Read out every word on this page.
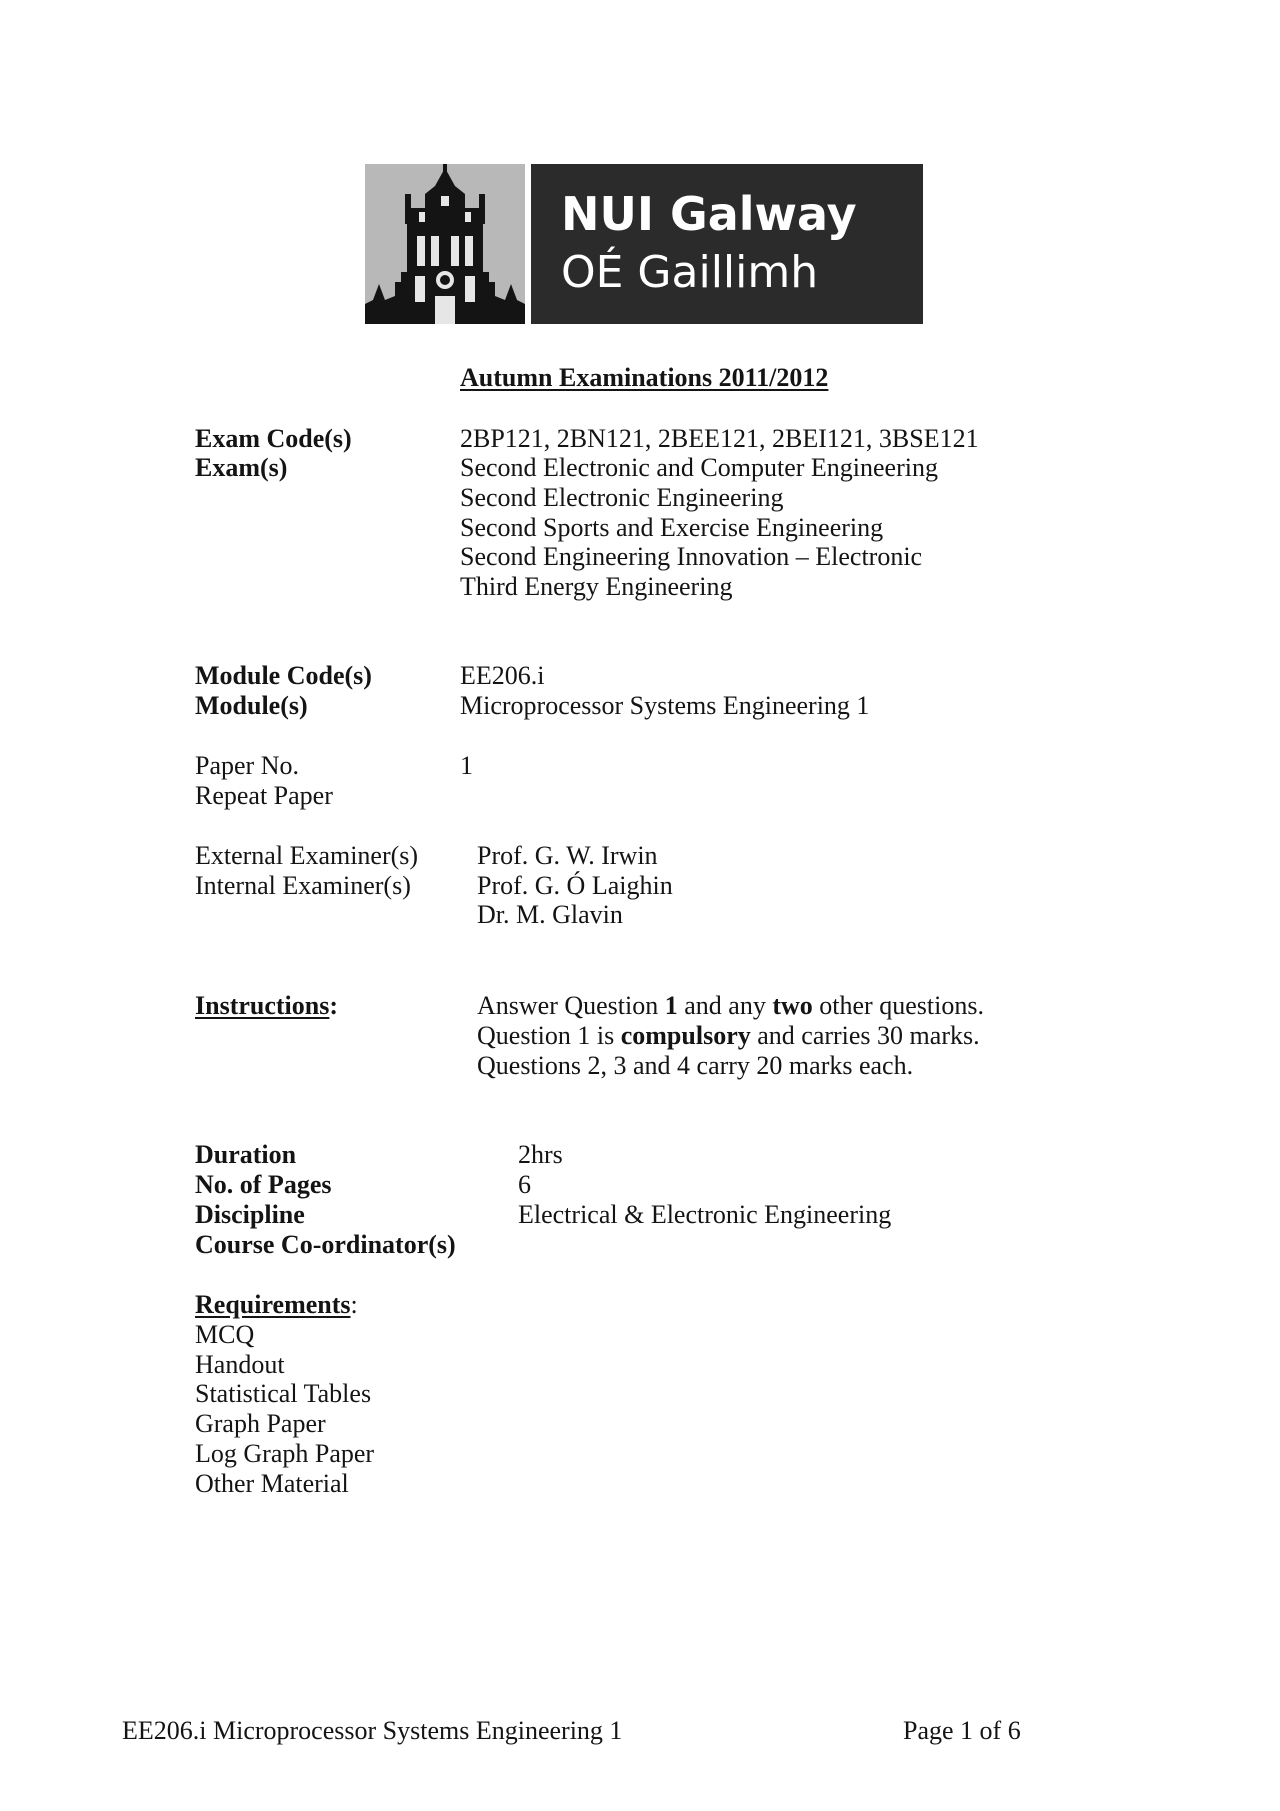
NUI Galway
OÉ Gaillimh
Autumn Examinations 2011/2012
Exam Code(s)	2BP121, 2BN121, 2BEE121, 2BEI121, 3BSE121
Exam(s)	Second Electronic and Computer Engineering
Second Electronic Engineering
Second Sports and Exercise Engineering
Second Engineering Innovation – Electronic
Third Energy Engineering
Module Code(s)	EE206.i
Module(s)	Microprocessor Systems Engineering 1
Paper No.	1
Repeat Paper
External Examiner(s) Prof. G. W. Irwin
Internal Examiner(s)	Prof. G. Ó Laighin
Dr. M. Glavin
Instructions:	Answer Question 1 and any two other questions.
Question 1 is compulsory and carries 30 marks.
Questions 2, 3 and 4 carry 20 marks each.
Duration	2hrs
No. of Pages	6
Discipline	Electrical & Electronic Engineering
Course Co-ordinator(s)
Requirements:
MCQ
Handout
Statistical Tables
Graph Paper
Log Graph Paper
Other Material
EE206.i Microprocessor Systems Engineering 1	Page 1 of 6
